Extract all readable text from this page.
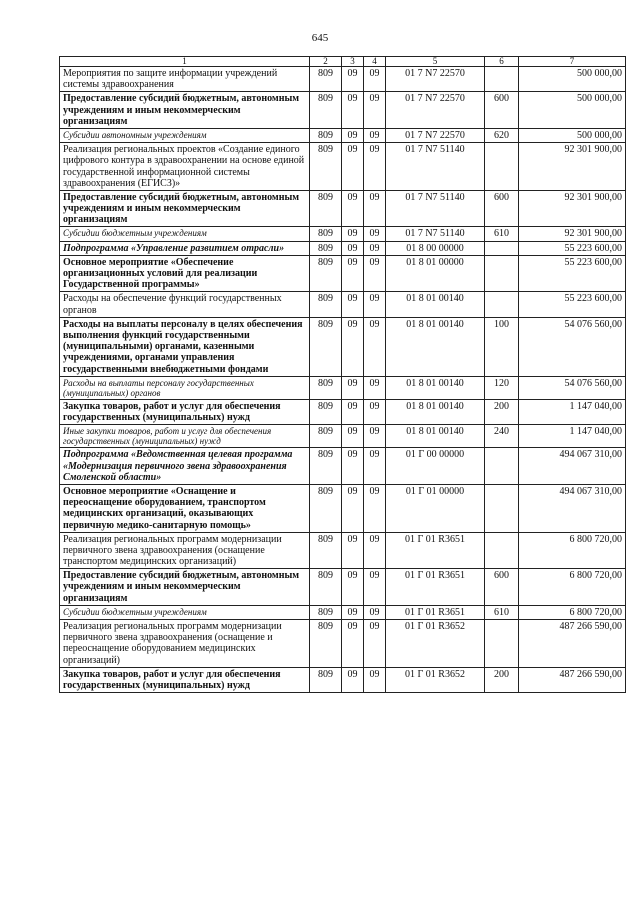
645
1	2	3	4	5	6	7
Мероприятия по защите информации учреждений системы здравоохранения	809	09	09	01 7 N7 22570		500 000,00
Предоставление субсидий бюджетным, автономным учреждениям и иным некоммерческим организациям	809	09	09	01 7 N7 22570	600	500 000,00
Субсидии автономным учреждениям	809	09	09	01 7 N7 22570	620	500 000,00
Реализация региональных проектов «Создание единого цифрового контура в здравоохранении на основе единой государственной информационной системы здравоохранения (ЕГИСЗ)»	809	09	09	01 7 N7 51140		92 301 900,00
Предоставление субсидий бюджетным, автономным учреждениям и иным некоммерческим организациям	809	09	09	01 7 N7 51140	600	92 301 900,00
Субсидии бюджетным учреждениям	809	09	09	01 7 N7 51140	610	92 301 900,00
Подпрограмма «Управление развитием отрасли»	809	09	09	01 8 00 00000		55 223 600,00
Основное мероприятие «Обеспечение организационных условий для реализации Государственной программы»	809	09	09	01 8 01 00000		55 223 600,00
Расходы на обеспечение функций государственных органов	809	09	09	01 8 01 00140		55 223 600,00
Расходы на выплаты персоналу в целях обеспечения выполнения функций государственными (муниципальными) органами, казенными учреждениями, органами управления государственными внебюджетными фондами	809	09	09	01 8 01 00140	100	54 076 560,00
Расходы на выплаты персоналу государственных (муниципальных) органов	809	09	09	01 8 01 00140	120	54 076 560,00
Закупка товаров, работ и услуг для обеспечения государственных (муниципальных) нужд	809	09	09	01 8 01 00140	200	1 147 040,00
Иные закупки товаров, работ и услуг для обеспечения государственных (муниципальных) нужд	809	09	09	01 8 01 00140	240	1 147 040,00
Подпрограмма «Ведомственная целевая программа «Модернизация первичного звена здравоохранения Смоленской области»	809	09	09	01 Г 00 00000		494 067 310,00
Основное мероприятие «Оснащение и переоснащение оборудованием, транспортом медицинских организаций, оказывающих первичную медико-санитарную помощь»	809	09	09	01 Г 01 00000		494 067 310,00
Реализация региональных программ модернизации первичного звена здравоохранения (оснащение транспортом медицинских организаций)	809	09	09	01 Г 01 R3651		6 800 720,00
Предоставление субсидий бюджетным, автономным учреждениям и иным некоммерческим организациям	809	09	09	01 Г 01 R3651	600	6 800 720,00
Субсидии бюджетным учреждениям	809	09	09	01 Г 01 R3651	610	6 800 720,00
Реализация региональных программ модернизации первичного звена здравоохранения (оснащение и переоснащение оборудованием медицинских организаций)	809	09	09	01 Г 01 R3652		487 266 590,00
Закупка товаров, работ и услуг для обеспечения государственных (муниципальных) нужд	809	09	09	01 Г 01 R3652	200	487 266 590,00
